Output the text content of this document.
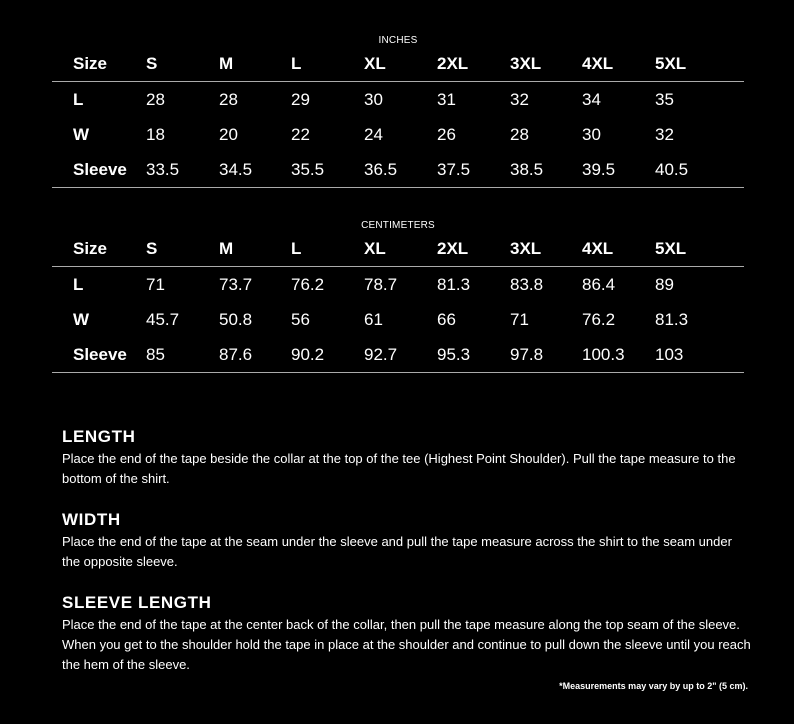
INCHES
Size	S	M	L	XL	2XL	3XL	4XL	5XL
L	28	28	29	30	31	32	34	35
W	18	20	22	24	26	28	30	32
Sleeve	33.5	34.5	35.5	36.5	37.5	38.5	39.5	40.5
CENTIMETERS
Size	S	M	L	XL	2XL	3XL	4XL	5XL
L	71	73.7	76.2	78.7	81.3	83.8	86.4	89
W	45.7	50.8	56	61	66	71	76.2	81.3
Sleeve	85	87.6	90.2	92.7	95.3	97.8	100.3	103
LENGTH

Place the end of the tape beside the collar at the top of the tee (Highest Point Shoulder). Pull the tape measure to the bottom of the shirt.

WIDTH

Place the end of the tape at the seam under the sleeve and pull the tape measure across the shirt to the seam under the opposite sleeve.

SLEEVE LENGTH

Place the end of the tape at the center back of the collar, then pull the tape measure along the top seam of the sleeve. When you get to the shoulder hold the tape in place at the shoulder and continue to pull down the sleeve until you reach the hem of the sleeve.

*Measurements may vary by up to 2" (5 cm).
